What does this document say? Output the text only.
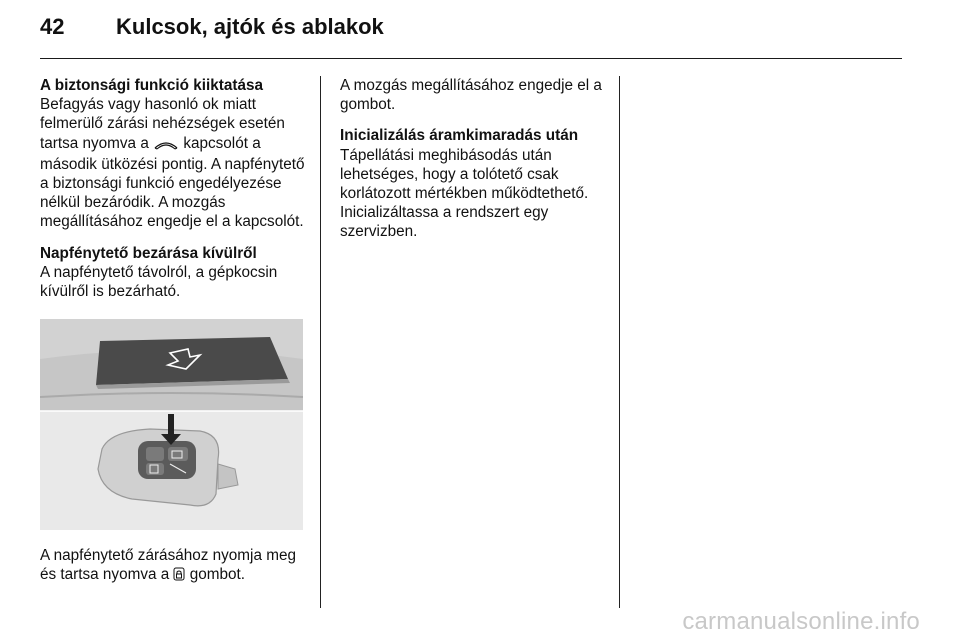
42	Kulcsok, ajtók és ablakok
A biztonsági funkció kiiktatása

Befagyás vagy hasonló ok miatt felmerülő zárási nehézségek esetén tartsa nyomva a kapcsolót a második ütközési pontig. A napfénytető a biztonsági funkció engedélyezése nélkül bezáródik. A mozgás megállításához engedje el a kapcsolót.

Napfénytető bezárása kívülről

A napfénytető távolról, a gépkocsin kívülről is bezárható.

A napfénytető zárásához nyomja meg és tartsa nyomva a gombot.

A mozgás megállításához engedje el a gombot.

Inicializálás áramkimaradás után

Tápellátási meghibásodás után lehetséges, hogy a tolótető csak korlátozott mértékben működtethető. Inicializáltassa a rendszert egy szervizben.

carmanualsonline.info
